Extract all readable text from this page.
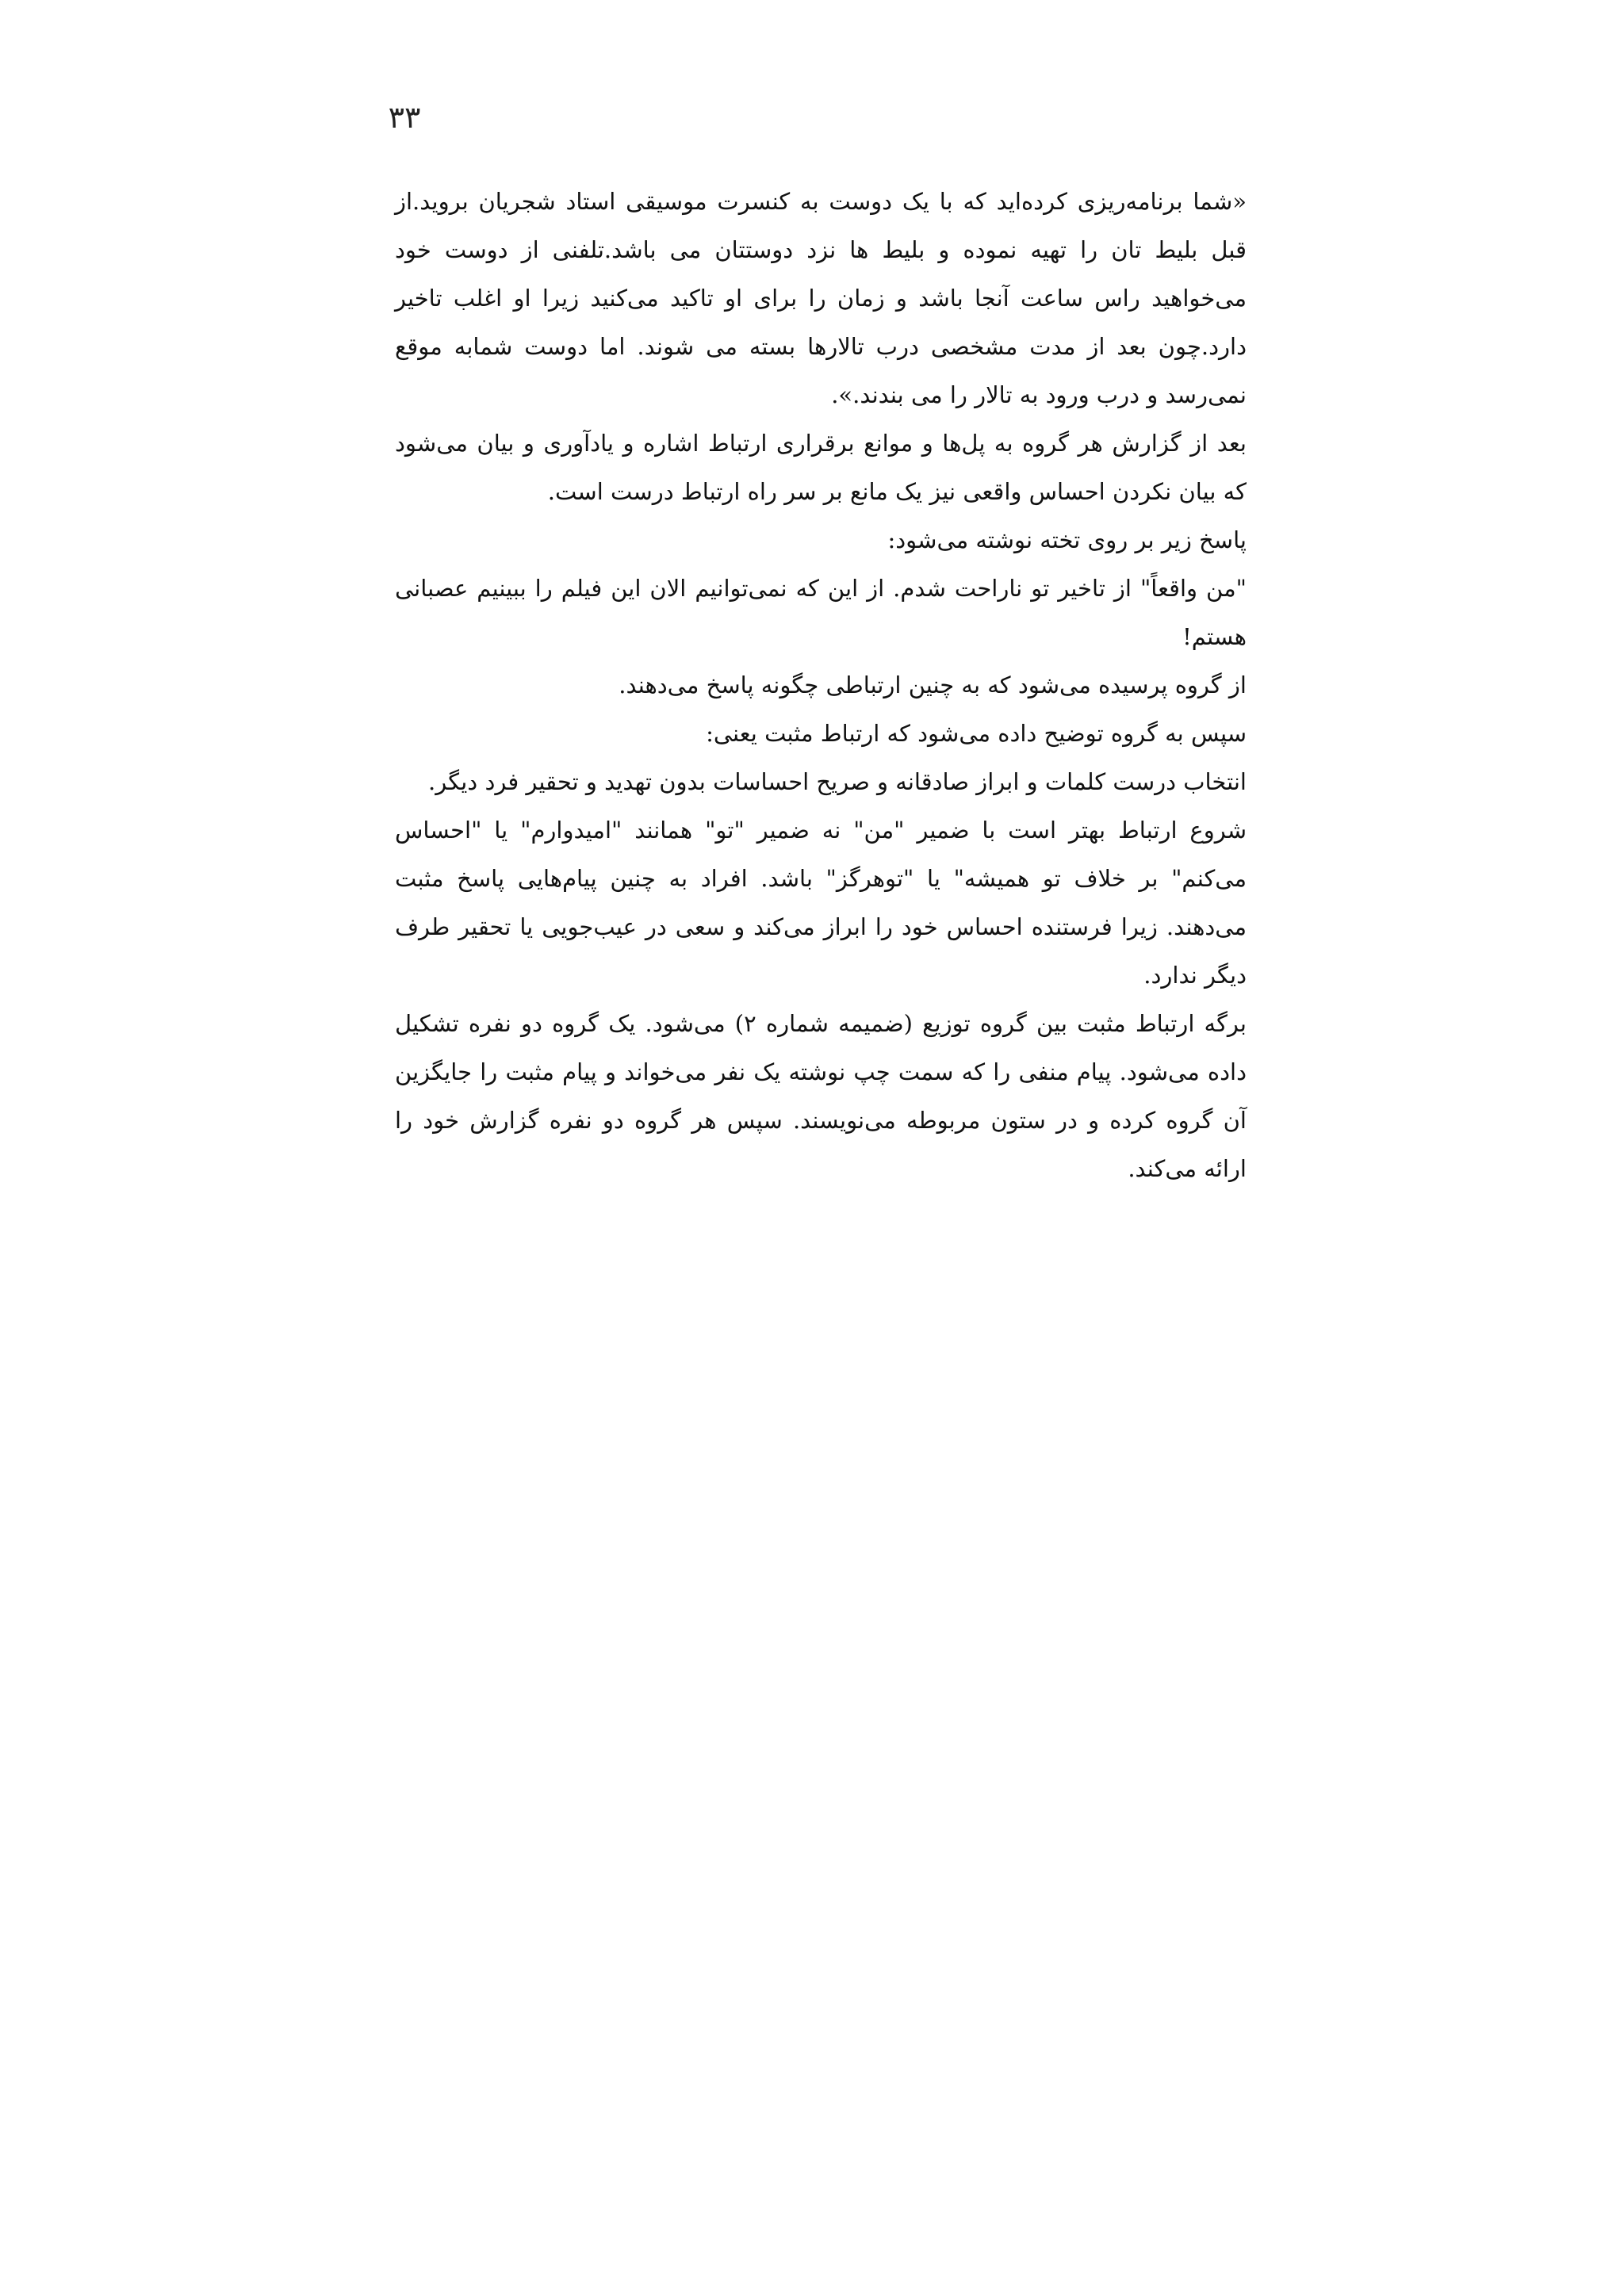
۳۳

«شما برنامه‌ریزی کرده‌اید که با یک دوست به کنسرت موسیقی استاد شجریان بروید.از قبل بلیط تان را تهیه نموده و بلیط ها نزد دوستتان می باشد.تلفنی از دوست خود می‌خواهید راس ساعت آنجا باشد و زمان را برای او تاکید می‌کنید زیرا او اغلب تاخیر دارد.چون بعد از مدت مشخصی درب تالارها بسته می شوند. اما دوست شمابه موقع نمی‌رسد و درب ورود به تالار را می بندند.».

بعد از گزارش هر گروه به پل‌ها و موانع برقراری ارتباط اشاره و یادآوری و بیان می‌شود که بیان نکردن احساس واقعی نیز یک مانع بر سر راه ارتباط درست است.

پاسخ زیر بر روی تخته نوشته می‌شود:

"من واقعاً" از تاخیر تو ناراحت شدم. از این که نمی‌توانیم الان این فیلم را ببینیم عصبانی هستم!

از گروه پرسیده می‌شود که به چنین ارتباطی چگونه پاسخ می‌دهند.

سپس به گروه توضیح داده می‌شود که ارتباط مثبت یعنی:

انتخاب درست کلمات و ابراز صادقانه و صریح احساسات بدون تهدید و تحقیر فرد دیگر.

شروع ارتباط بهتر است با ضمیر "من" نه ضمیر "تو" همانند "امیدوارم" یا "احساس می‌کنم" بر خلاف تو همیشه" یا "توهرگز" باشد. افراد به چنین پیام‌هایی پاسخ مثبت می‌دهند. زیرا فرستنده احساس خود را ابراز می‌کند و سعی در عیب‌جویی یا تحقیر طرف دیگر ندارد.

برگه ارتباط مثبت بین گروه توزیع (ضمیمه شماره ۲) می‌شود. یک گروه دو نفره تشکیل داده می‌شود. پیام منفی را که سمت چپ نوشته یک نفر می‌خواند و پیام مثبت را جایگزین آن گروه کرده و در ستون مربوطه می‌نویسند. سپس هر گروه دو نفره گزارش خود را ارائه می‌کند.
